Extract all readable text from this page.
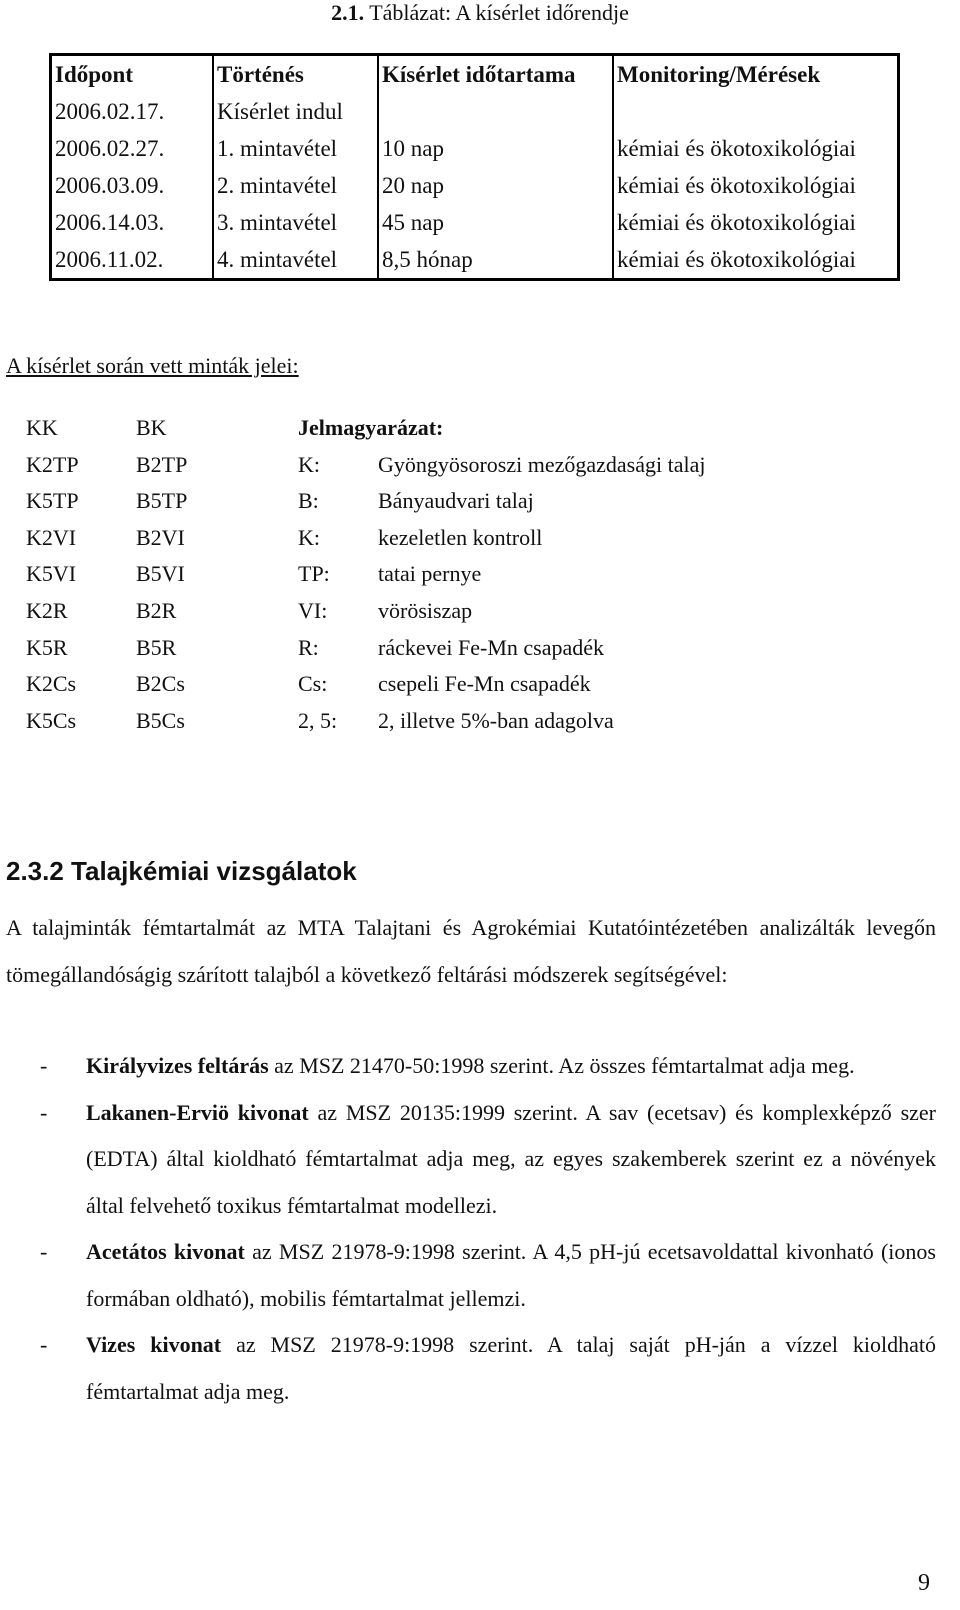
2.1. Táblázat: A kísérlet időrendje
Időpont	Történés	Kísérlet időtartama	Monitoring/Mérések
2006.02.17.	Kísérlet indul		
2006.02.27.	1. mintavétel	10 nap	kémiai és ökotoxikológiai
2006.03.09.	2. mintavétel	20 nap	kémiai és ökotoxikológiai
2006.14.03.	3. mintavétel	45 nap	kémiai és ökotoxikológiai
2006.11.02.	4. mintavétel	8,5 hónap	kémiai és ökotoxikológiai
A kísérlet során vett minták jelei:
KK	BK	Jelmagyarázat:
K2TP	B2TP	K:	Gyöngyösoroszi mezőgazdasági talaj
K5TP	B5TP	B:	Bányaudvari talaj
K2VI	B2VI	K:	kezeletlen kontroll
K5VI	B5VI	TP: tatai pernye
K2R	B2R	VI: vörösiszap
K5R	B5R	R:	ráckevei Fe-Mn csapadék
K2Cs	B2Cs	Cs: csepeli Fe-Mn csapadék
K5Cs	B5Cs	2, 5: 2, illetve 5%-ban adagolva
2.3.2 Talajkémiai vizsgálatok
A talajminták fémtartalmát az MTA Talajtani és Agrokémiai Kutatóintézetében analizálták levegőn tömegállandóságig szárított talajból a következő feltárási módszerek segítségével:
- Királyvizes feltárás az MSZ 21470-50:1998 szerint. Az összes fémtartalmat adja meg.
- Lakanen-Erviö kivonat az MSZ 20135:1999 szerint. A sav (ecetsav) és komplexképző szer (EDTA) által kioldható fémtartalmat adja meg, az egyes szakemberek szerint ez a növények által felvehető toxikus fémtartalmat modellezi.
- Acetátos kivonat az MSZ 21978-9:1998 szerint. A 4,5 pH-jú ecetsavoldattal kivonható (ionos formában oldható), mobilis fémtartalmat jellemzi.
- Vizes kivonat az MSZ 21978-9:1998 szerint. A talaj saját pH-ján a vízzel kioldható fémtartalmat adja meg.
9
